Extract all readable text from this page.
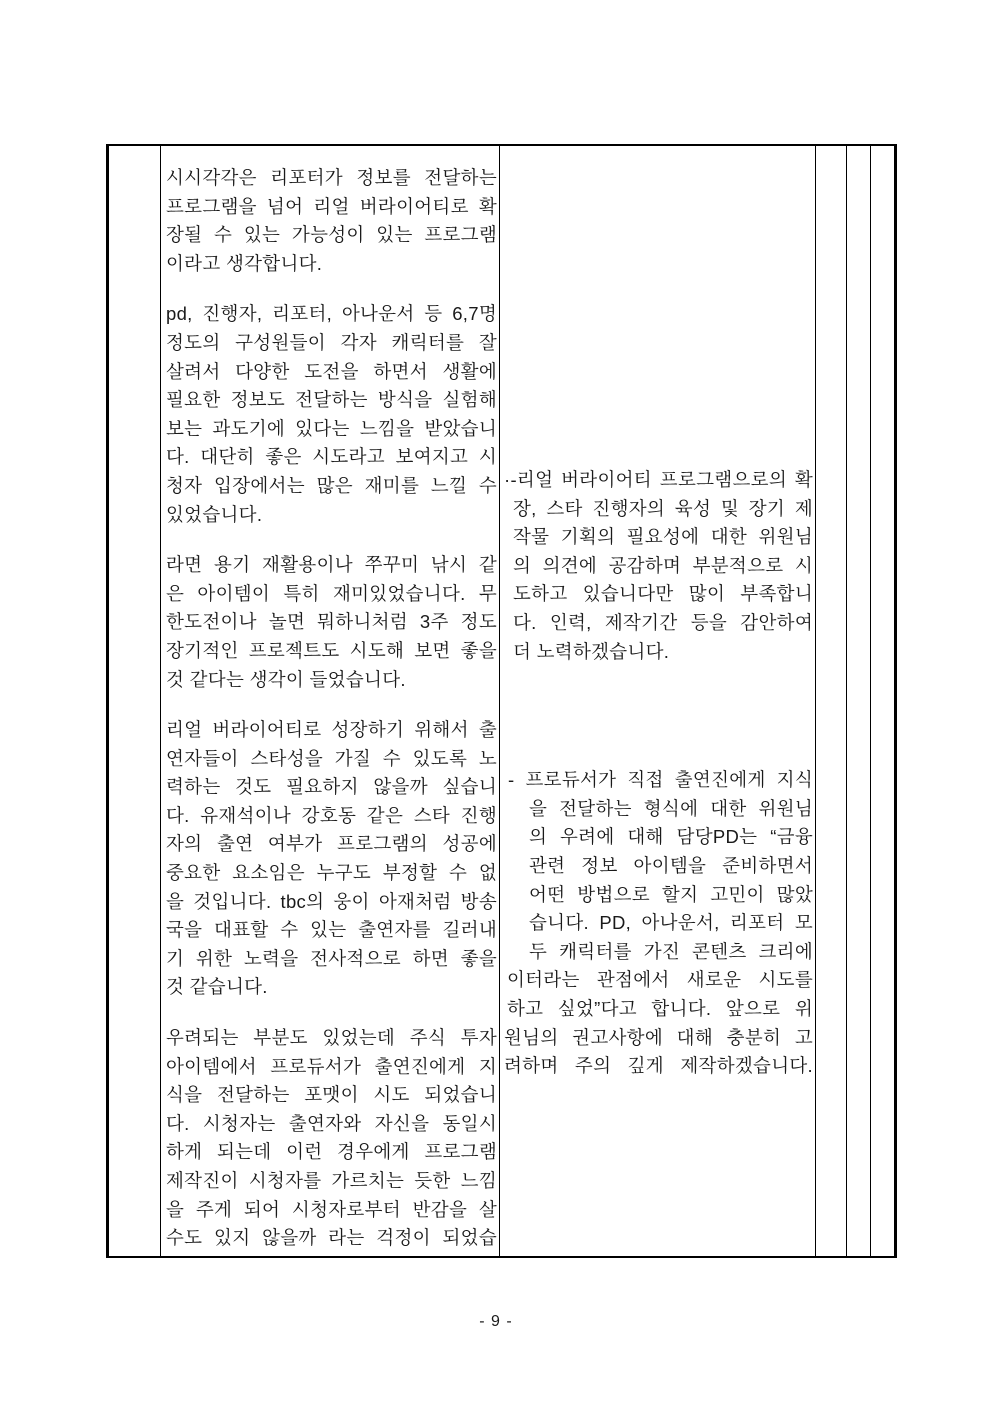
시시각각은 리포터가 정보를 전달하는
프로그램을 넘어 리얼 버라이어티로 확
장될 수 있는 가능성이 있는 프로그램
이라고 생각합니다.
pd, 진행자, 리포터, 아나운서 등 6,7명
정도의 구성원들이 각자 캐릭터를 잘
살려서 다양한 도전을 하면서 생활에
필요한 정보도 전달하는 방식을 실험해
보는 과도기에 있다는 느낌을 받았습니
다. 대단히 좋은 시도라고 보여지고 시
청자 입장에서는 많은 재미를 느낄 수
있었습니다.
라면 용기 재활용이나 쭈꾸미 낚시 같
은 아이템이 특히 재미있었습니다. 무
한도전이나 놀면 뭐하니처럼 3주 정도
장기적인 프로젝트도 시도해 보면 좋을
것 같다는 생각이 들었습니다.
리얼 버라이어티로 성장하기 위해서 출
연자들이 스타성을 가질 수 있도록 노
력하는 것도 필요하지 않을까 싶습니
다. 유재석이나 강호동 같은 스타 진행
자의 출연 여부가 프로그램의 성공에
중요한 요소임은 누구도 부정할 수 없
을 것입니다. tbc의 웅이 아재처럼 방송
국을 대표할 수 있는 출연자를 길러내
기 위한 노력을 전사적으로 하면 좋을
것 같습니다.
우려되는 부분도 있었는데 주식 투자
아이템에서 프로듀서가 출연진에게 지
식을 전달하는 포맷이 시도 되었습니
다. 시청자는 출연자와 자신을 동일시
하게 되는데 이런 경우에게 프로그램
제작진이 시청자를 가르치는 듯한 느낌
을 주게 되어 시청자로부터 반감을 살
수도 있지 않을까 라는 걱정이 되었습
·-리얼 버라이어티 프로그램으로의 확
장, 스타 진행자의 육성 및 장기 제
작물 기획의 필요성에 대한 위원님
의 의견에 공감하며 부분적으로 시
도하고 있습니다만 많이 부족합니
다. 인력, 제작기간 등을 감안하여
더 노력하겠습니다.
- 프로듀서가 직접 출연진에게 지식
을 전달하는 형식에 대한 위원님
의 우려에 대해 담당PD는 “금융
관련 정보 아이템을 준비하면서
어떤 방법으로 할지 고민이 많았
습니다. PD, 아나운서, 리포터 모
두 캐릭터를 가진 콘텐츠 크리에
이터라는 관점에서 새로운 시도를
하고 싶었”다고 합니다. 앞으로 위
원님의 권고사항에 대해 충분히 고
려하며 주의 깊게 제작하겠습니다.
- 9 -
